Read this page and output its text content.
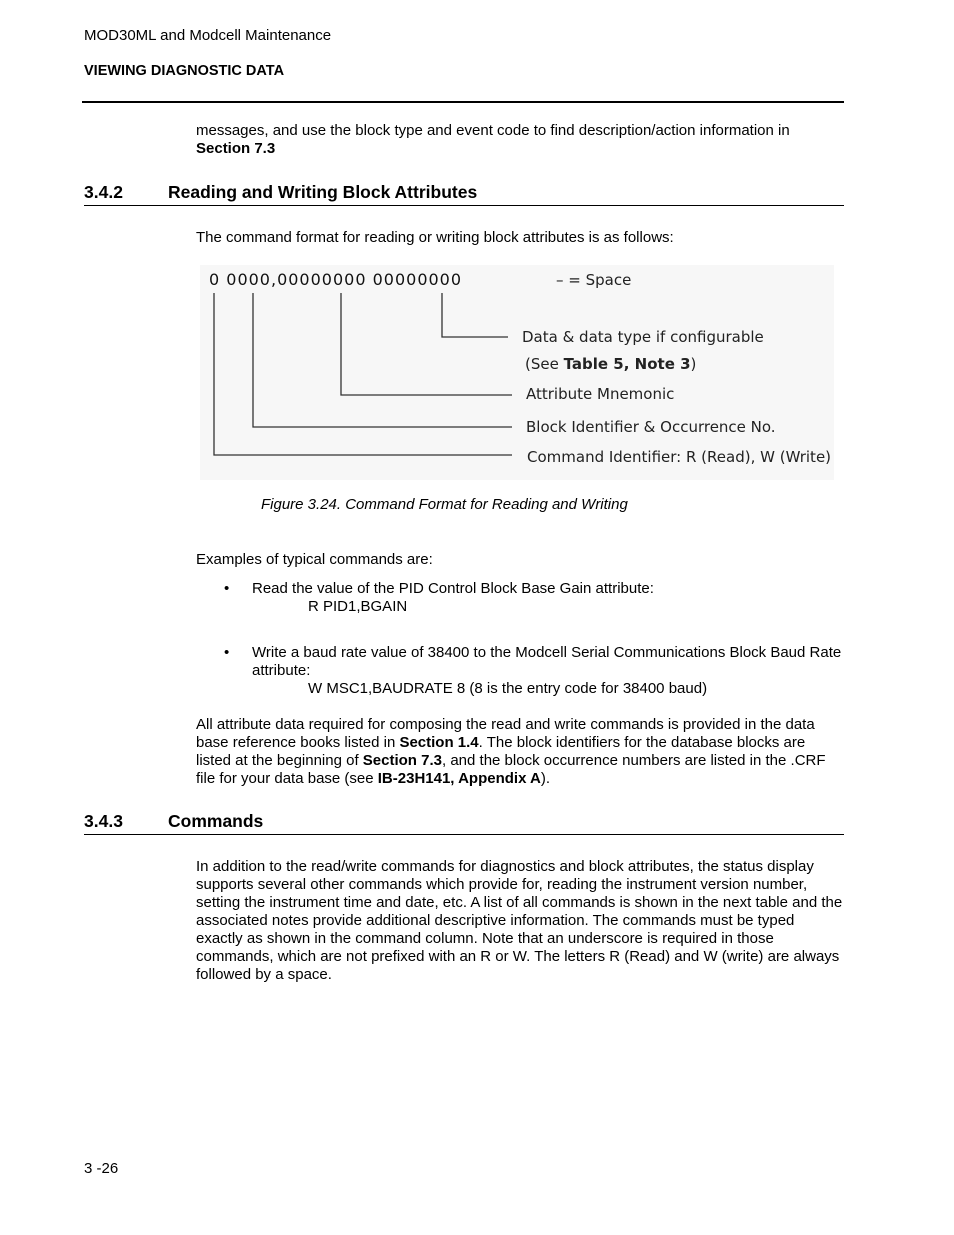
MOD30ML and Modcell Maintenance
VIEWING DIAGNOSTIC DATA
messages, and use the block type and event code to find description/action information in
Section 7.3
3.4.2	Reading and Writing Block Attributes
The command format for reading or writing block attributes is as follows:
0 0000,00000000 00000000	– = Space
Data & data type if configurable
(See Table 5, Note 3)
Attribute Mnemonic
Block Identifier & Occurrence No.
Command Identifier: R (Read), W (Write)
Figure 3.24. Command Format for Reading and Writing
Examples of typical commands are:
• Read the value of the PID Control Block Base Gain attribute:
R PID1,BGAIN
• Write a baud rate value of 38400 to the Modcell Serial Communications Block Baud Rate attribute:
W MSC1,BAUDRATE 8 (8 is the entry code for 38400 baud)
All attribute data required for composing the read and write commands is provided in the data base reference books listed in Section 1.4. The block identifiers for the database blocks are listed at the beginning of Section 7.3, and the block occurrence numbers are listed in the .CRF file for your data base (see IB-23H141, Appendix A).
3.4.3	Commands
In addition to the read/write commands for diagnostics and block attributes, the status display supports several other commands which provide for, reading the instrument version number, setting the instrument time and date, etc. A list of all commands is shown in the next table and the associated notes provide additional descriptive information. The commands must be typed exactly as shown in the command column. Note that an underscore is required in those commands, which are not prefixed with an R or W. The letters R (Read) and W (write) are always followed by a space.
3 -26
